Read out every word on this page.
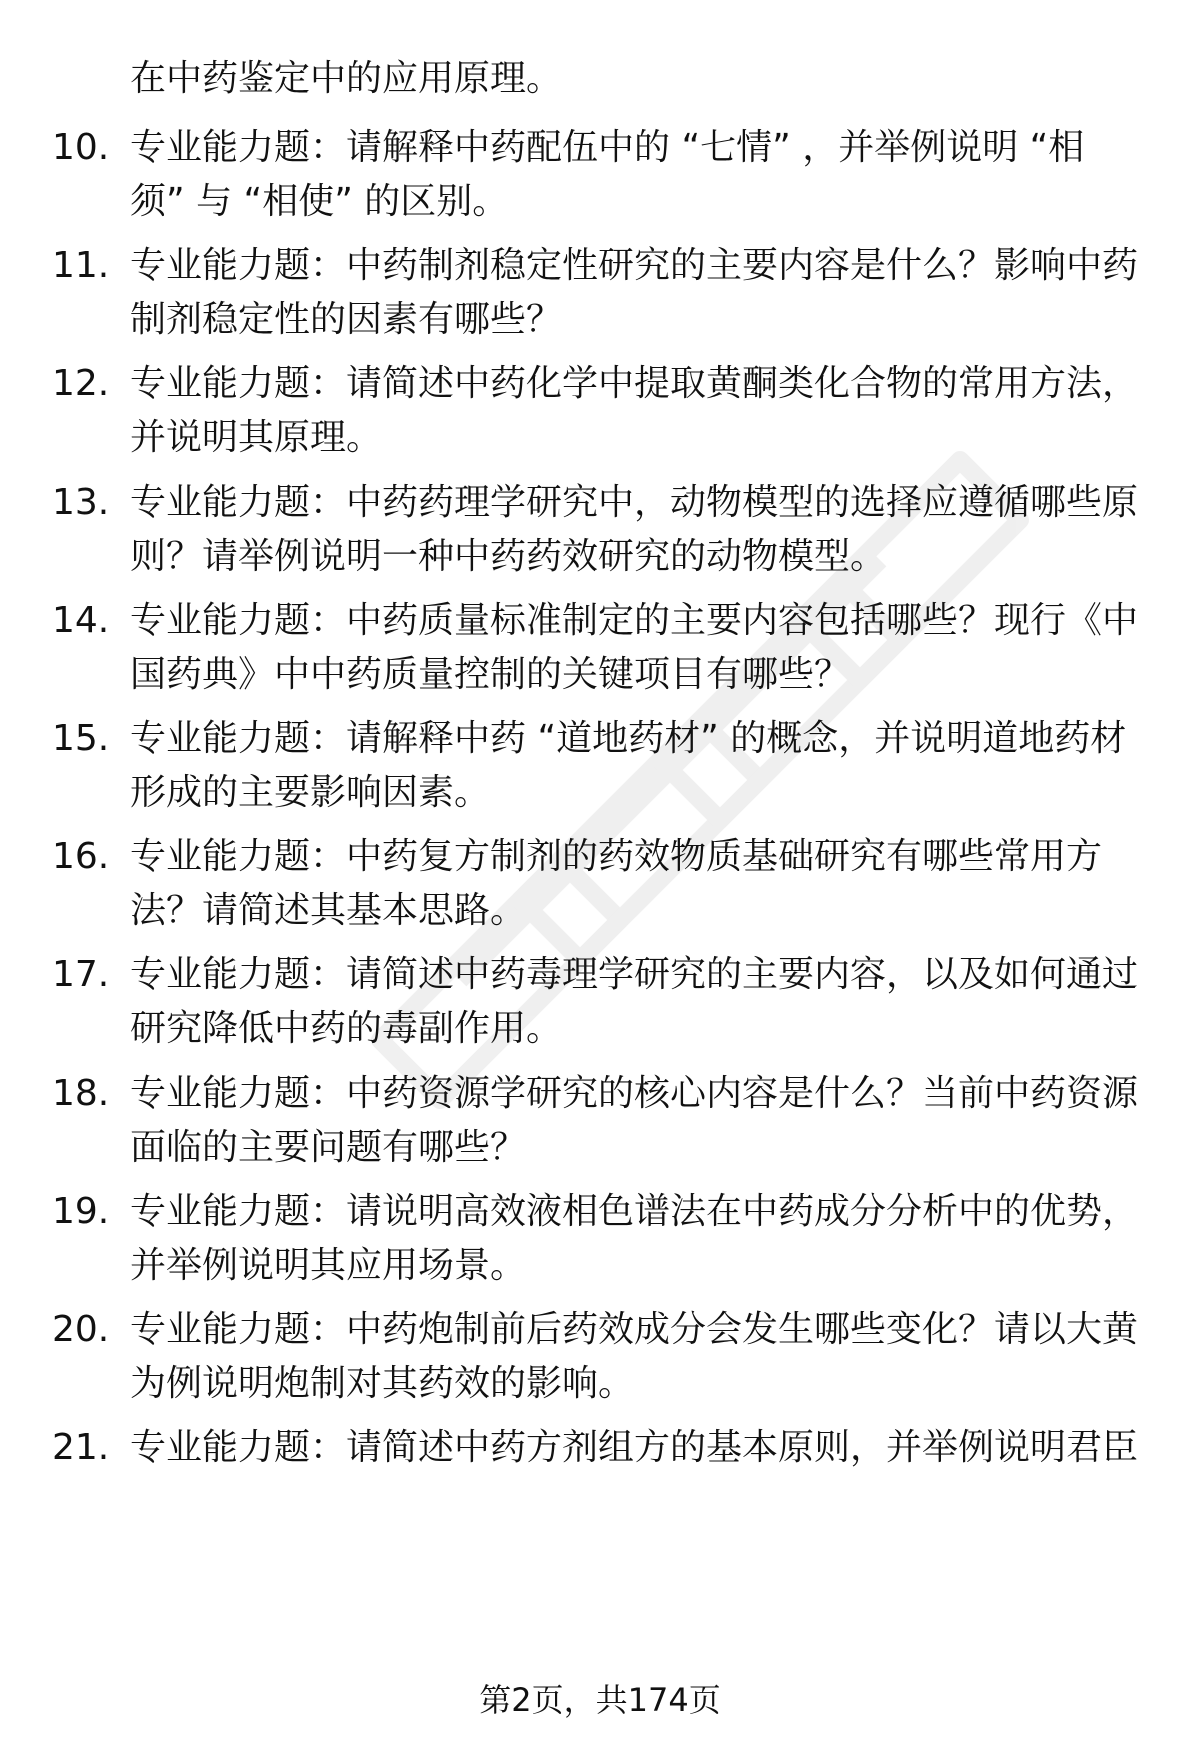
在中药鉴定中的应用原理。
10. 专业能力题：请解释中药配伍中的 “七情” ，并举例说明 “相
须” 与 “相使” 的区别。
11. 专业能力题：中药制剂稳定性研究的主要内容是什么？影响中药
制剂稳定性的因素有哪些？
12. 专业能力题：请简述中药化学中提取黄酮类化合物的常用方法，
并说明其原理。
13. 专业能力题：中药药理学研究中，动物模型的选择应遵循哪些原
则？请举例说明一种中药药效研究的动物模型。
14. 专业能力题：中药质量标准制定的主要内容包括哪些？现行《中
国药典》中中药质量控制的关键项目有哪些？
15. 专业能力题：请解释中药 “道地药材” 的概念，并说明道地药材
形成的主要影响因素。
16. 专业能力题：中药复方制剂的药效物质基础研究有哪些常用方
法？请简述其基本思路。
17. 专业能力题：请简述中药毒理学研究的主要内容，以及如何通过
研究降低中药的毒副作用。
18. 专业能力题：中药资源学研究的核心内容是什么？当前中药资源
面临的主要问题有哪些？
19. 专业能力题：请说明高效液相色谱法在中药成分分析中的优势，
并举例说明其应用场景。
20. 专业能力题：中药炮制前后药效成分会发生哪些变化？请以大黄
为例说明炮制对其药效的影响。
21. 专业能力题：请简述中药方剂组方的基本原则，并举例说明君臣
第2页，共174页
